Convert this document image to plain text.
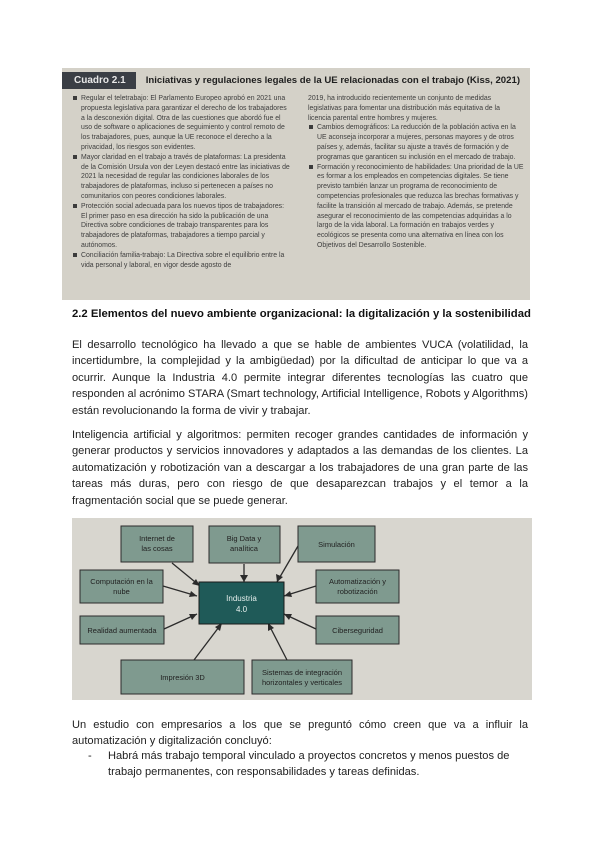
Cuadro 2.1	Iniciativas y regulaciones legales de la UE relacionadas con el trabajo (Kiss, 2021)

Regular el teletrabajo: El Parlamento Europeo aprobó en 2021 una propuesta legislativa para garantizar el derecho de los trabajadores a la desconexión digital. Otra de las cuestiones que abordó fue el uso de software o aplicaciones de seguimiento y control remoto de los trabajadores, pues, aunque la UE reconoce el derecho a la privacidad, los riesgos son evidentes.

Mayor claridad en el trabajo a través de plataformas: La presidenta de la Comisión Ursula von der Leyen destacó entre las iniciativas de 2021 la necesidad de regular las condiciones laborales de los trabajadores de plataformas, incluso si pertenecen a países no comunitarios con peores condiciones laborales.

Protección social adecuada para los nuevos tipos de trabajadores: El primer paso en esa dirección ha sido la publicación de una Directiva sobre condiciones de trabajo transparentes para los trabajadores de plataformas, trabajadores a tiempo parcial y autónomos.

Conciliación familia-trabajo: La Directiva sobre el equilibrio entre la vida personal y laboral, en vigor desde agosto de

2019, ha introducido recientemente un conjunto de medidas legislativas para fomentar una distribución más equitativa de la licencia parental entre hombres y mujeres.

Cambios demográficos: La reducción de la población activa en la UE aconseja incorporar a mujeres, personas mayores y de otros países y, además, facilitar su ajuste a través de formación y de programas que garanticen su inclusión en el mercado de trabajo.

Formación y reconocimiento de habilidades: Una prioridad de la UE es formar a los empleados en competencias digitales. Se tiene previsto también lanzar un programa de reconocimiento de competencias profesionales que reduzca las brechas formativas y facilite la transición al mercado de trabajo. Además, se pretende asegurar el reconocimiento de las competencias adquiridas a lo largo de la vida laboral. La formación en trabajos verdes y ecológicos se presenta como una alternativa en línea con los Objetivos del Desarrollo Sostenible.

2.2 Elementos del nuevo ambiente organizacional: la digitalización y la sostenibilidad

El desarrollo tecnológico ha llevado a que se hable de ambientes VUCA (volatilidad, la incertidumbre, la complejidad y la ambigüedad) por la dificultad de anticipar lo que va a ocurrir. Aunque la Industria 4.0 permite integrar diferentes tecnologías las cuatro que responden al acrónimo STARA (Smart technology, Artificial Intelligence, Robots y Algorithms) están revolucionando la forma de vivir y trabajar.

Inteligencia artificial y algoritmos: permiten recoger grandes cantidades de información y generar productos y servicios innovadores y adaptados a las demandas de los clientes. La automatización y robotización van a descargar a los trabajadores de una gran parte de las tareas más duras, pero con riesgo de que desaparezcan trabajos y el temor a la fragmentación social que se puede generar.

Internet de
las cosas
Big Data y
analítica	Simulación
Computación en la
nube
Automatización y
robotización
Realidad aumentada	Ciberseguridad
Impresión 3D
Sistemas de integración
horizontales y verticales
Industria
4.0

Un estudio con empresarios a los que se preguntó cómo creen que va a influir la automatización y digitalización concluyó:

-	Habrá más trabajo temporal vinculado a proyectos concretos y menos puestos de trabajo permanentes, con responsabilidades y tareas definidas.
